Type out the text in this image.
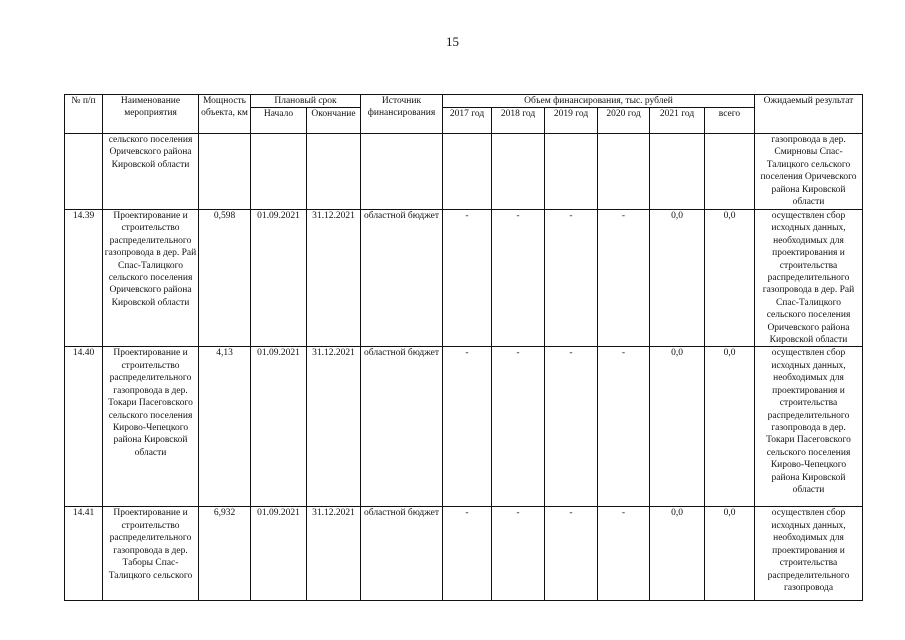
15
№ п/п	Наименование мероприятия	Мощность объекта, км	Плановый срок		Источник финансирования	Объем финансирования, тыс. рублей						Ожидаемый результат
			Начало	Окончание		2017 год	2018 год	2019 год	2020 год	2021 год	всего	
	сельского поселения Оричевского района Кировской области											газопровода в дер. Смирновы Спас-Талицкого сельского поселения Оричевского района Кировской области
14.39	Проектирование и строительство распределительного газопровода в дер. Рай Спас-Талицкого сельского поселения Оричевского района Кировской области	0,598	01.09.2021	31.12.2021	областной бюджет	-	-	-	-	0,0	0,0	осуществлен сбор исходных данных, необходимых для проектирования и строительства распределительного газопровода в дер. Рай Спас-Талицкого сельского поселения Оричевского района Кировской области
14.40	Проектирование и строительство распределительного газопровода в дер. Токари Пасеговского сельского поселения Кирово-Чепецкого района Кировской области	4,13	01.09.2021	31.12.2021	областной бюджет	-	-	-	-	0,0	0,0	осуществлен сбор исходных данных, необходимых для проектирования и строительства распределительного газопровода в дер. Токари Пасеговского сельского поселения Кирово-Чепецкого района Кировской области
14.41	Проектирование и строительство распределительного газопровода в дер. Таборы Спас-Талицкого сельского	6,932	01.09.2021	31.12.2021	областной бюджет	-	-	-	-	0,0	0,0	осуществлен сбор исходных данных, необходимых для проектирования и строительства распределительного газопровода
